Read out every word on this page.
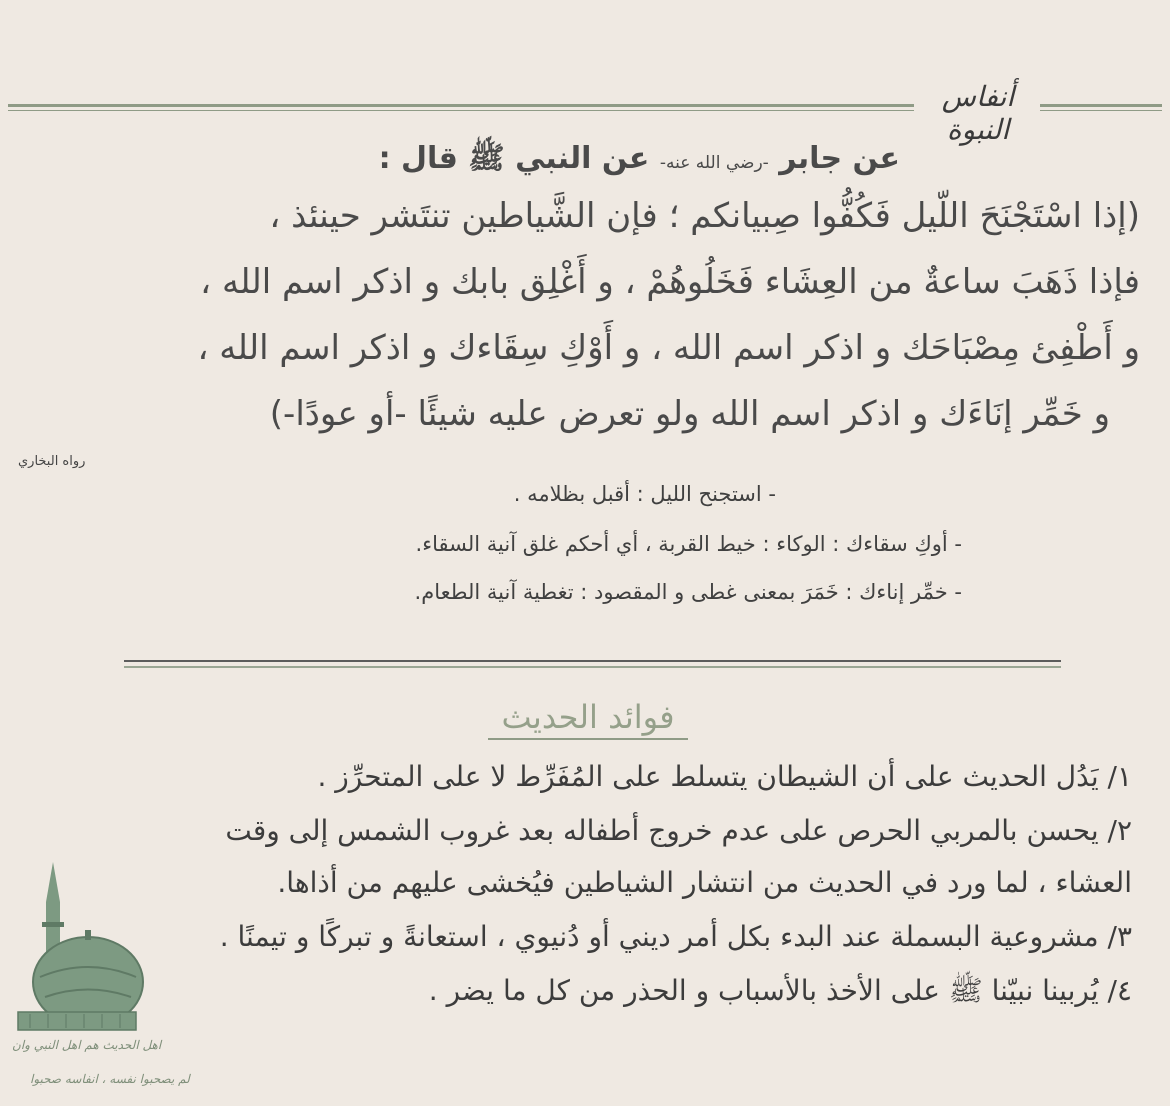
أنفاس النبوة
عن جابر -رضي الله عنه- عن النبي ﷺ قال :
(إذا اسْتَجْنَحَ اللّيل فَكُفُّوا صِبيانكم ؛ فإن الشَّياطين تنتَشر حينئذ ،
فإذا ذَهَبَ ساعةٌ من العِشَاء فَخَلُوهُمْ ، و أَغْلِق بابك و اذكر اسم الله ،
و أَطْفِئ مِصْبَاحَك و اذكر اسم الله ، و أَوْكِ سِقَاءك و اذكر اسم الله ،
و خَمِّر إنَاءَك و اذكر اسم الله ولو تعرض عليه شيئًا -أو عودًا-)
رواه البخاري
- استجنح الليل : أقبل بظلامه .
- أوكِ سقاءك : الوكاء : خيط القربة ، أي أحكم غلق آنية السقاء.
- خمِّر إناءك : خَمَرَ بمعنى غطى و المقصود : تغطية آنية الطعام.
فوائد الحديث
١/ يَدُل الحديث على أن الشيطان يتسلط على المُفَرِّط لا على المتحرِّز .
٢/ يحسن بالمربي الحرص على عدم خروج أطفاله بعد غروب الشمس إلى وقت
العشاء ، لما ورد في الحديث من انتشار الشياطين فيُخشى عليهم من أذاها.
٣/ مشروعية البسملة عند البدء بكل أمر ديني أو دُنيوي ، استعانةً و تبركًا و تيمنًا .
٤/ يُربينا نبيّنا ﷺ على الأخذ بالأسباب و الحذر من كل ما يضر .
اهل الحديث هم اهل النبي وان
لم يصحبوا نفسه ، انفاسه صحبوا
